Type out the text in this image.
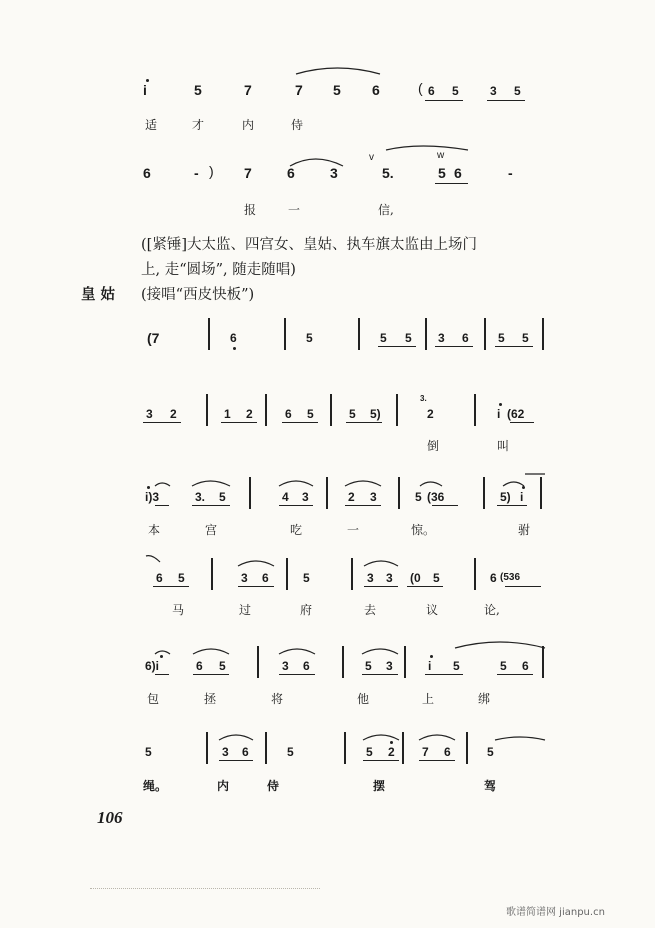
i	5	7	7 5 6	( 6 5	3 5
适	才	内	侍
6	- ) 7	6	3	5.	5 6	-
v	w
报	一	信,
([紧锤]大太监、四宫女、皇姑、执车旗太监由上场门
上, 走“圆场”, 随走随唱)
皇 姑 (接唱“西皮快板”)
(7	6	5	5 5 3 6 5 5
3 2	1 2	6 5	5 5)
3.
2	i (62
倒	叫
i)3	3. 5	4 3	2 3	5 (36	5) i
本	宫	吃	一	惊。	驸
6 5	3 6	5	3 3 (0 5	6 (536
马	过	府	去	议	论,
6)i	6 5	3 6	5 3	i 5	5 6
包	拯	将	他	上	绑
5	3 6	5	5 2 7 6	5
绳。	内	侍	摆	驾
106
歌谱简谱网 jianpu.cn
